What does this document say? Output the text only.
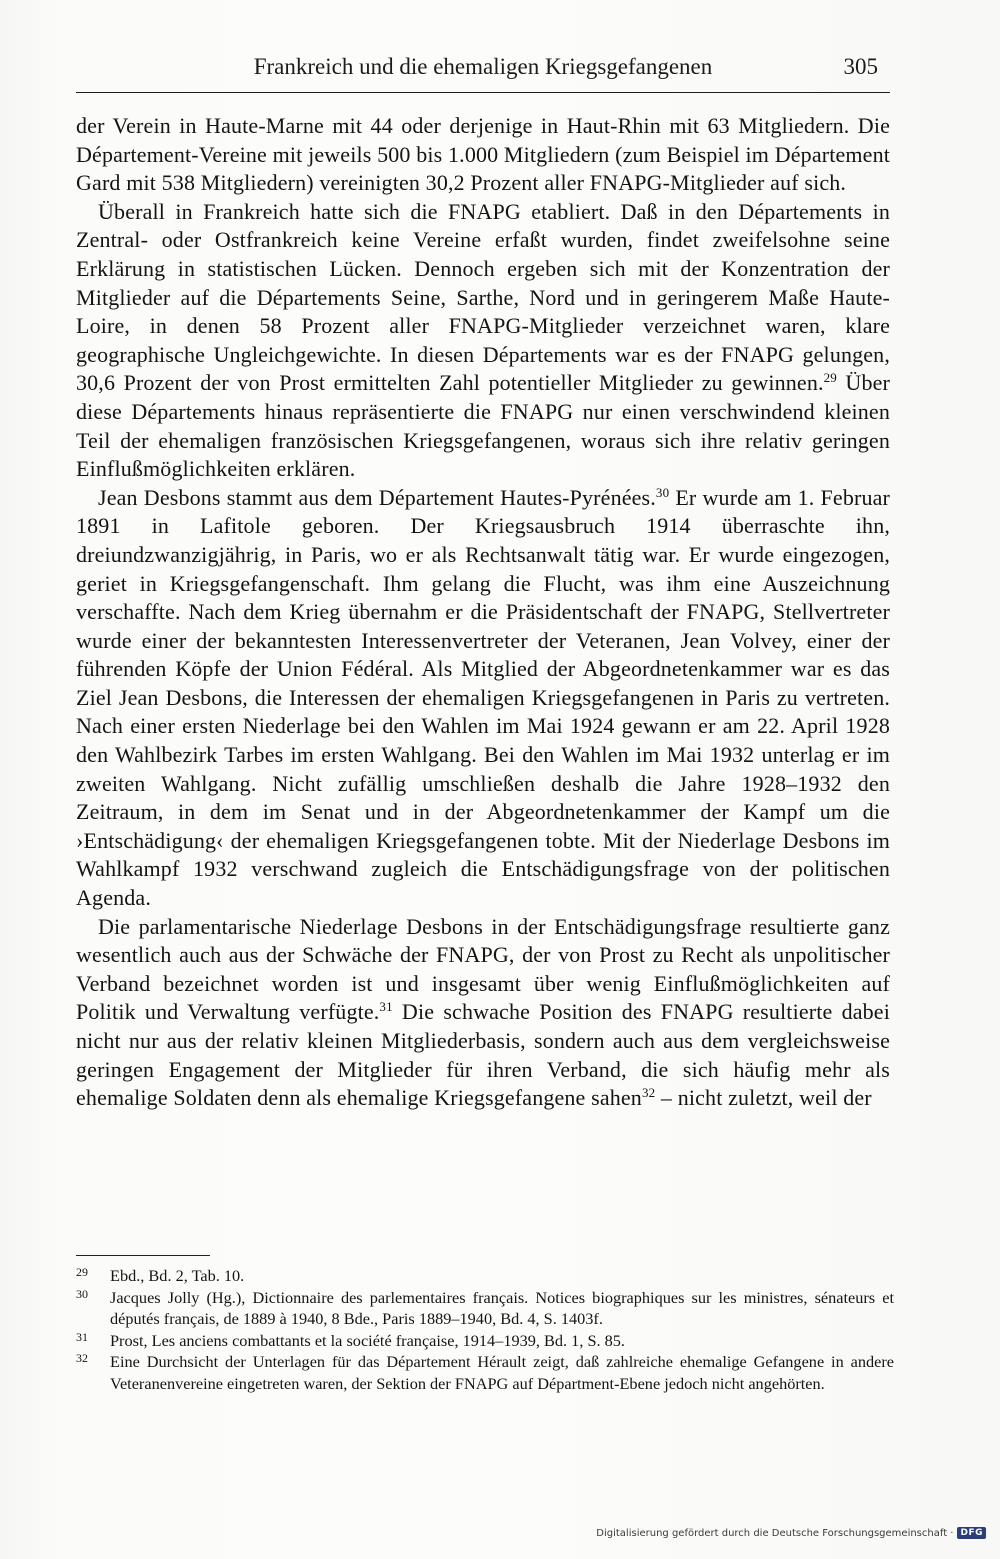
Frankreich und die ehemaligen Kriegsgefangenen	305

der Verein in Haute-Marne mit 44 oder derjenige in Haut-Rhin mit 63 Mitgliedern. Die Département-Vereine mit jeweils 500 bis 1.000 Mitgliedern (zum Beispiel im Département Gard mit 538 Mitgliedern) vereinigten 30,2 Prozent aller FNAPG-Mitglieder auf sich.

Überall in Frankreich hatte sich die FNAPG etabliert. Daß in den Départements in Zentral- oder Ostfrankreich keine Vereine erfaßt wurden, findet zweifelsohne seine Erklärung in statistischen Lücken. Dennoch ergeben sich mit der Konzentration der Mitglieder auf die Départements Seine, Sarthe, Nord und in geringerem Maße Haute-Loire, in denen 58 Prozent aller FNAPG-Mitglieder verzeichnet waren, klare geographische Ungleichgewichte. In diesen Départements war es der FNAPG gelungen, 30,6 Prozent der von Prost ermittelten Zahl potentieller Mitglieder zu gewinnen.$^{29}$ Über diese Départements hinaus repräsentierte die FNAPG nur einen verschwindend kleinen Teil der ehemaligen französischen Kriegsgefangenen, woraus sich ihre relativ geringen Einflußmöglichkeiten erklären.

Jean Desbons stammt aus dem Département Hautes-Pyrénées.$^{30}$ Er wurde am 1. Februar 1891 in Lafitole geboren. Der Kriegsausbruch 1914 überraschte ihn, dreiundzwanzigjährig, in Paris, wo er als Rechtsanwalt tätig war. Er wurde eingezogen, geriet in Kriegsgefangenschaft. Ihm gelang die Flucht, was ihm eine Auszeichnung verschaffte. Nach dem Krieg übernahm er die Präsidentschaft der FNAPG, Stellvertreter wurde einer der bekanntesten Interessenvertreter der Veteranen, Jean Volvey, einer der führenden Köpfe der Union Fédéral. Als Mitglied der Abgeordnetenkammer war es das Ziel Jean Desbons, die Interessen der ehemaligen Kriegsgefangenen in Paris zu vertreten. Nach einer ersten Niederlage bei den Wahlen im Mai 1924 gewann er am 22. April 1928 den Wahlbezirk Tarbes im ersten Wahlgang. Bei den Wahlen im Mai 1932 unterlag er im zweiten Wahlgang. Nicht zufällig umschließen deshalb die Jahre 1928–1932 den Zeitraum, in dem im Senat und in der Abgeordnetenkammer der Kampf um die ›Entschädigung‹ der ehemaligen Kriegsgefangenen tobte. Mit der Niederlage Desbons im Wahlkampf 1932 verschwand zugleich die Entschädigungsfrage von der politischen Agenda.

Die parlamentarische Niederlage Desbons in der Entschädigungsfrage resultierte ganz wesentlich auch aus der Schwäche der FNAPG, der von Prost zu Recht als unpolitischer Verband bezeichnet worden ist und insgesamt über wenig Einflußmöglichkeiten auf Politik und Verwaltung verfügte.$^{31}$ Die schwache Position des FNAPG resultierte dabei nicht nur aus der relativ kleinen Mitgliederbasis, sondern auch aus dem vergleichsweise geringen Engagement der Mitglieder für ihren Verband, die sich häufig mehr als ehemalige Soldaten denn als ehemalige Kriegsgefangene sahen$^{32}$ – nicht zuletzt, weil der

29 Ebd., Bd. 2, Tab. 10.
30 Jacques Jolly (Hg.), Dictionnaire des parlementaires français. Notices biographiques sur les ministres, sénateurs et députés français, de 1889 à 1940, 8 Bde., Paris 1889–1940, Bd. 4, S. 1403f.
31 Prost, Les anciens combattants et la société française, 1914–1939, Bd. 1, S. 85.
32 Eine Durchsicht der Unterlagen für das Département Hérault zeigt, daß zahlreiche ehemalige Gefangene in andere Veteranenvereine eingetreten waren, der Sektion der FNAPG auf Départment-Ebene jedoch nicht angehörten.
Digitalisierung gefördert durch die Deutsche Forschungsgemeinschaft · DFG
